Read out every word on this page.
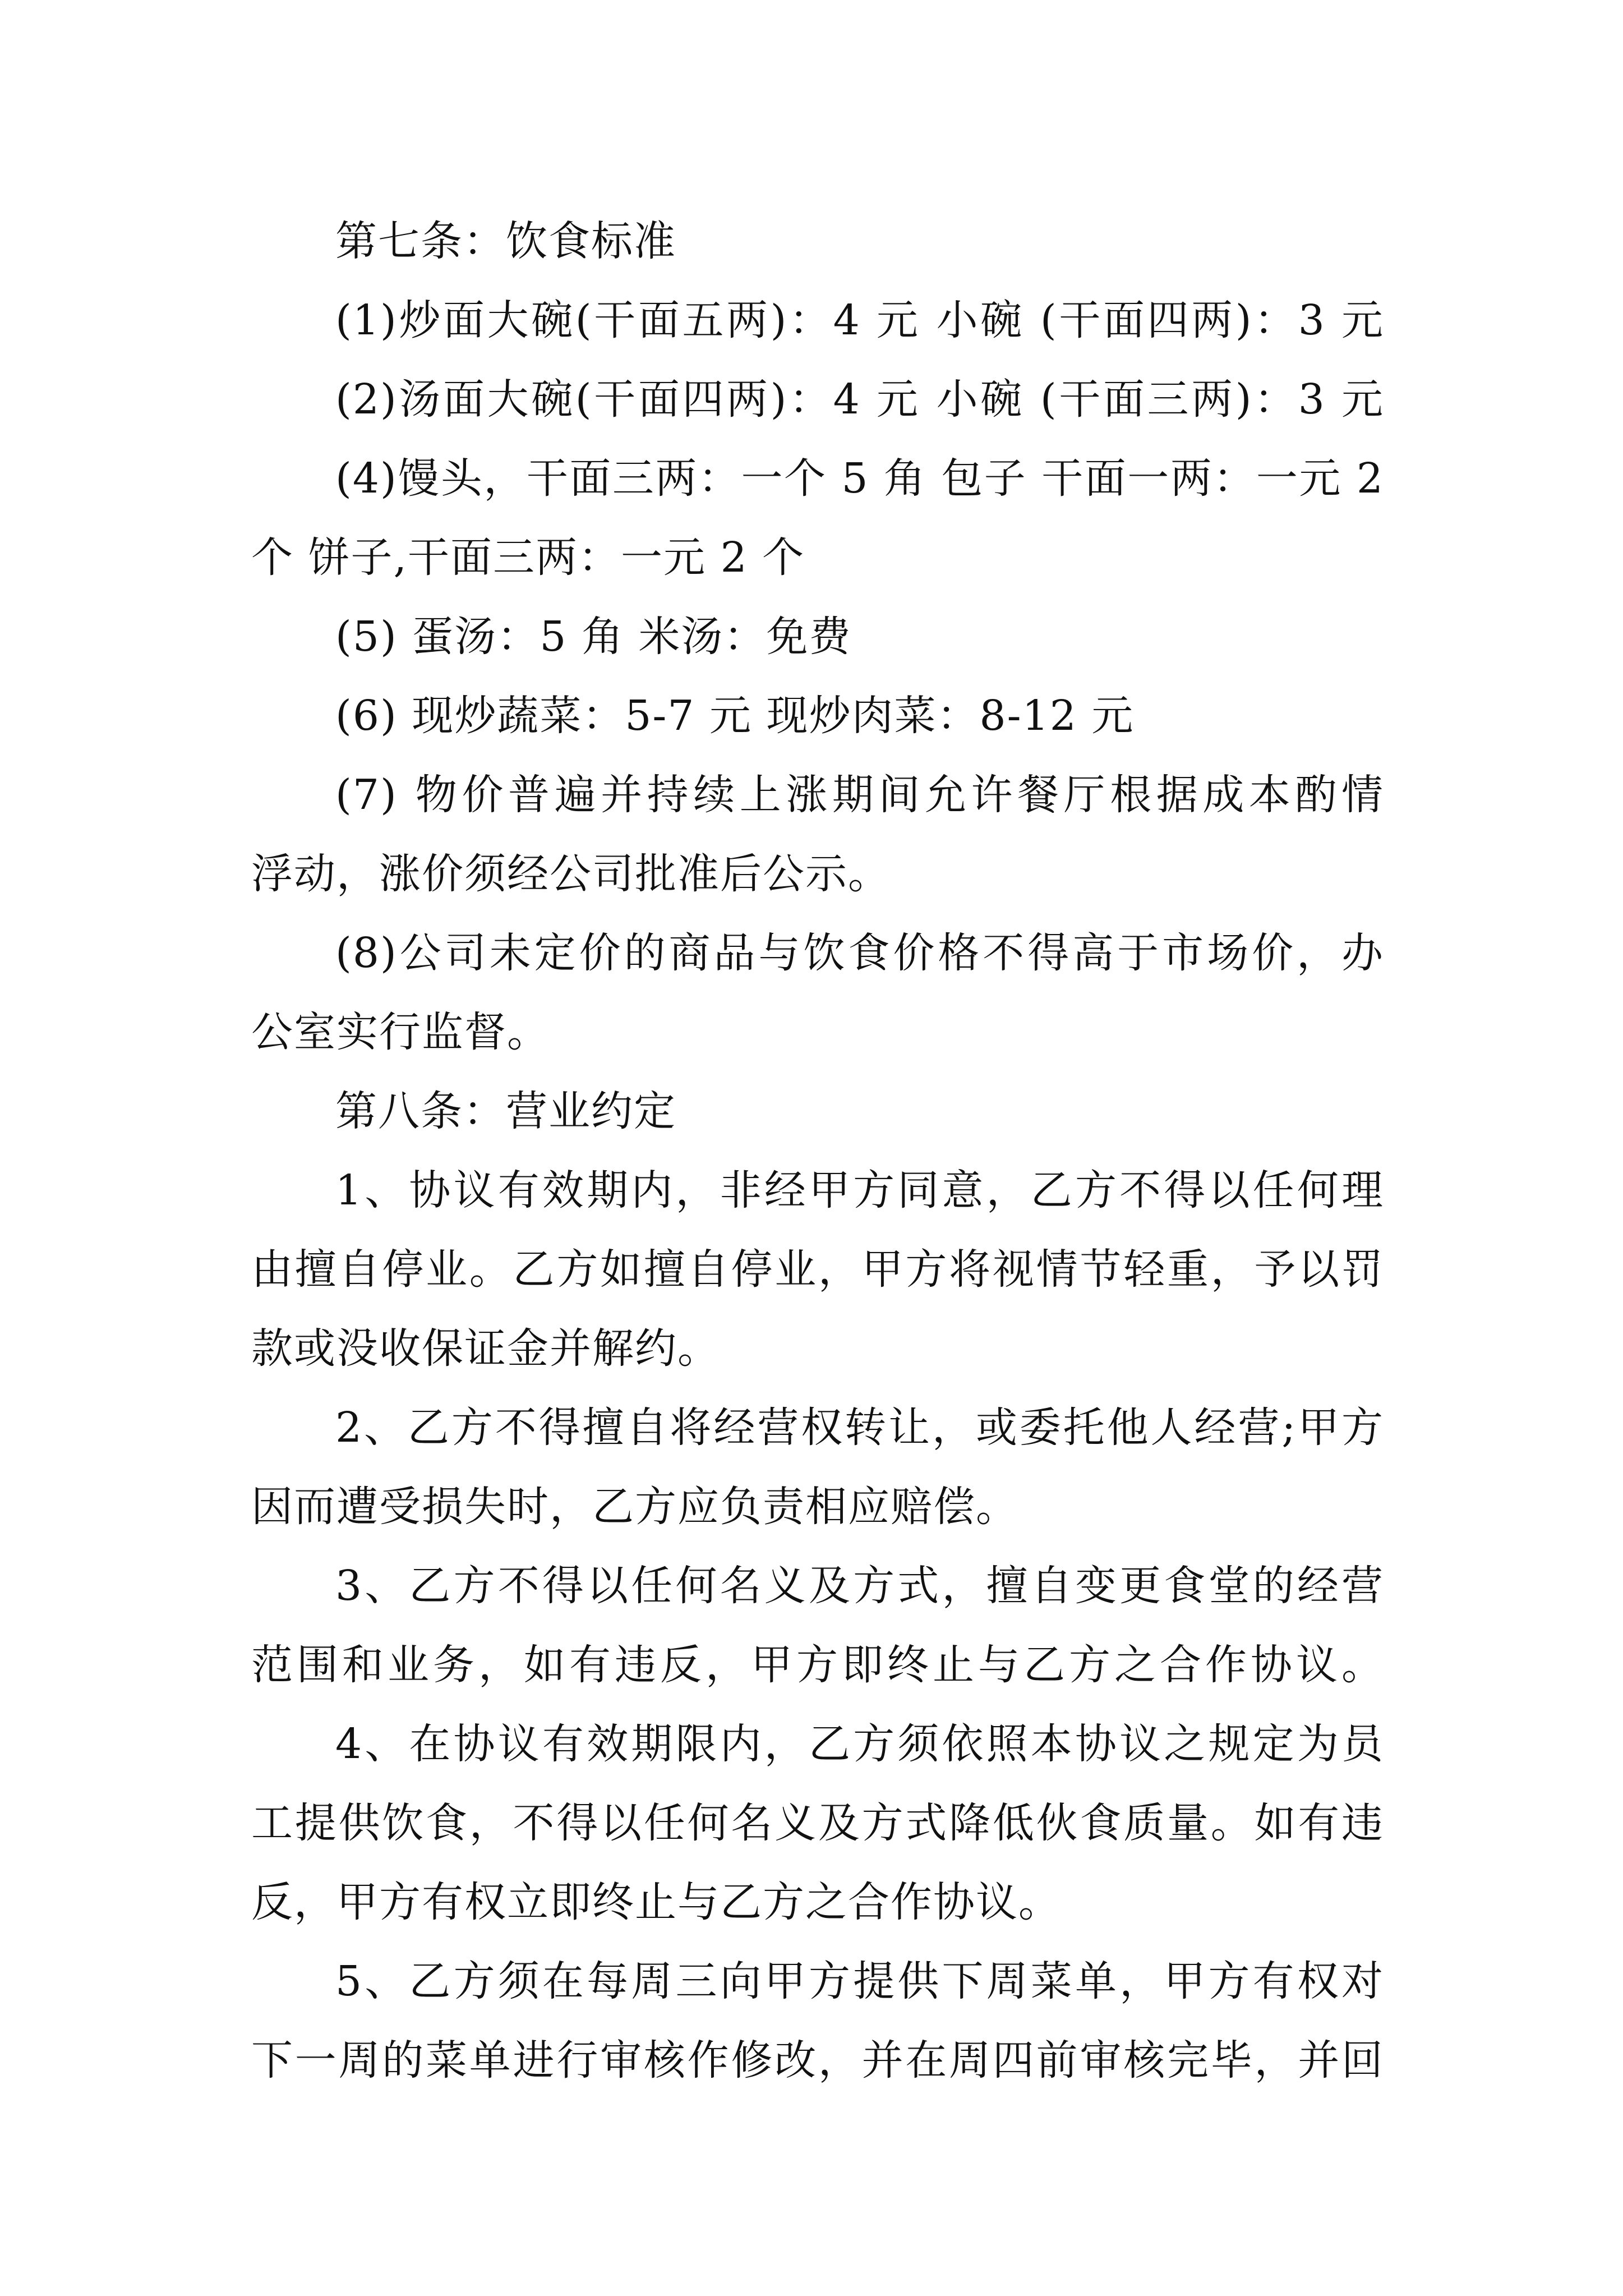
第七条：饮食标准
(1)炒面大碗(干面五两)：4 元 小碗 (干面四两)：3 元
(2)汤面大碗(干面四两)：4 元 小碗 (干面三两)：3 元
(4)馒头，干面三两：一个 5 角 包子 干面一两：一元 2
个 饼子,干面三两：一元 2 个
(5) 蛋汤：5 角 米汤：免费
(6) 现炒蔬菜：5-7 元 现炒肉菜：8-12 元
(7) 物价普遍并持续上涨期间允许餐厅根据成本酌情
浮动，涨价须经公司批准后公示。
(8)公司未定价的商品与饮食价格不得高于市场价，办
公室实行监督。
第八条：营业约定
1、协议有效期内，非经甲方同意，乙方不得以任何理
由擅自停业。乙方如擅自停业，甲方将视情节轻重，予以罚
款或没收保证金并解约。
2、乙方不得擅自将经营权转让，或委托他人经营;甲方
因而遭受损失时，乙方应负责相应赔偿。
3、乙方不得以任何名义及方式，擅自变更食堂的经营
范围和业务，如有违反，甲方即终止与乙方之合作协议。
4、在协议有效期限内，乙方须依照本协议之规定为员
工提供饮食，不得以任何名义及方式降低伙食质量。如有违
反，甲方有权立即终止与乙方之合作协议。
5、乙方须在每周三向甲方提供下周菜单，甲方有权对
下一周的菜单进行审核作修改，并在周四前审核完毕，并回
